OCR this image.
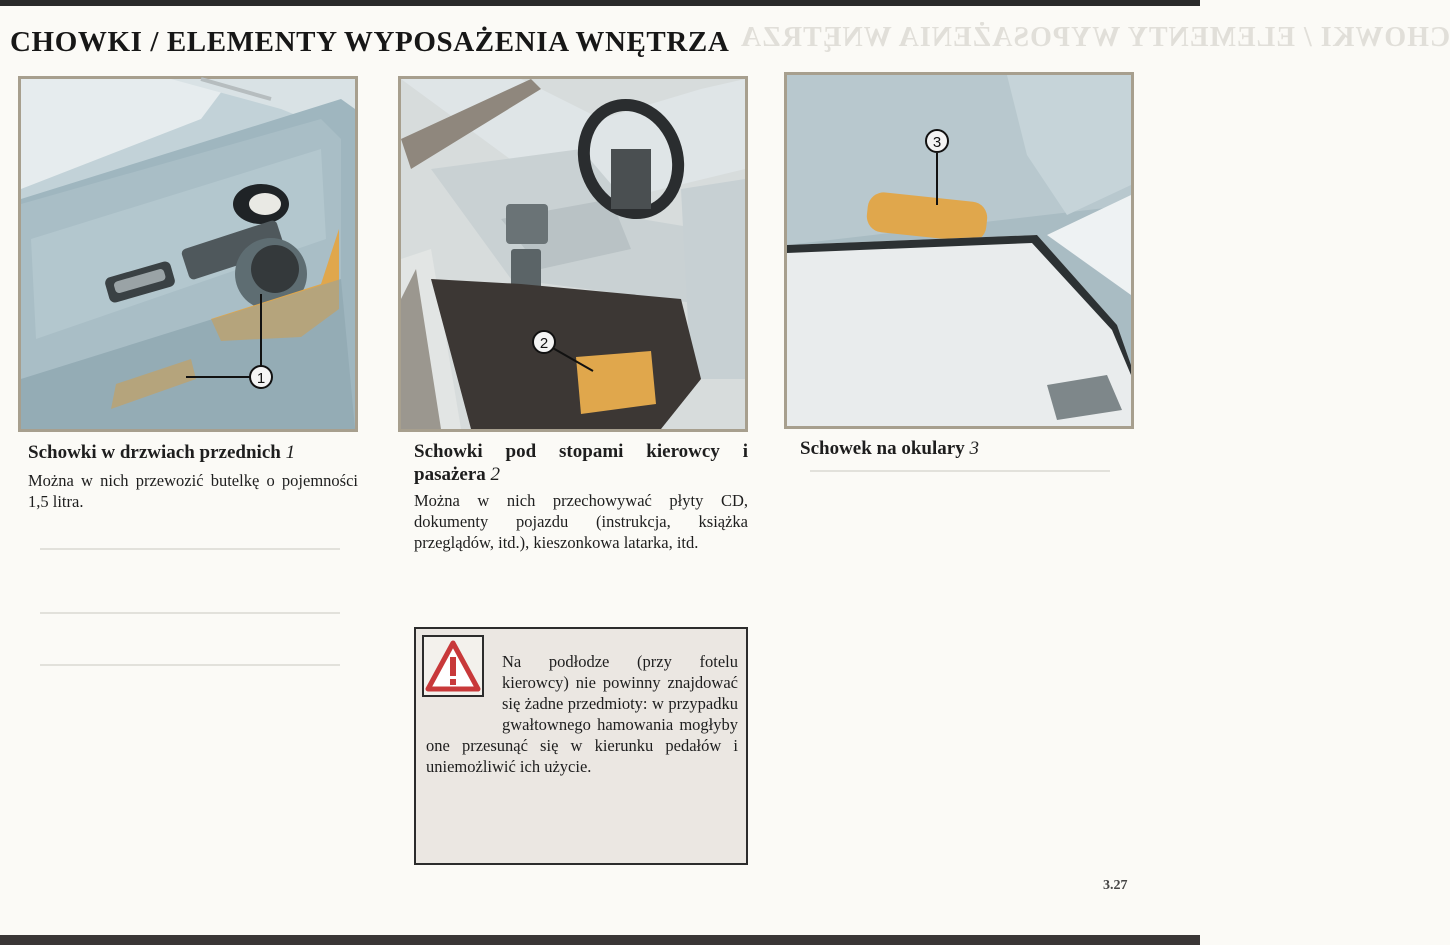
CHOWKI / ELEMENTY WYPOSAŻENIA WNĘTRZA
CHOWKI / ELEMENTY WYPOSAŻENIA WNĘTRZA
1
2
3
Schowki w drzwiach przednich 1

Można w nich przewozić butelkę o pojemności 1,5 litra.

Schowki pod stopami kierowcy i pasażera 2

Można w nich przechowywać płyty CD, dokumenty pojazdu (instrukcja, książka przeglądów, itd.), kieszonkowa latarka, itd.

Schowek na okulary 3

Na podłodze (przy fotelu kierowcy) nie powinny znajdować się żadne przedmioty: w przypadku gwałtownego hamowania mogłyby one przesunąć się w kierunku pedałów i uniemożliwić ich użycie.

3.27
